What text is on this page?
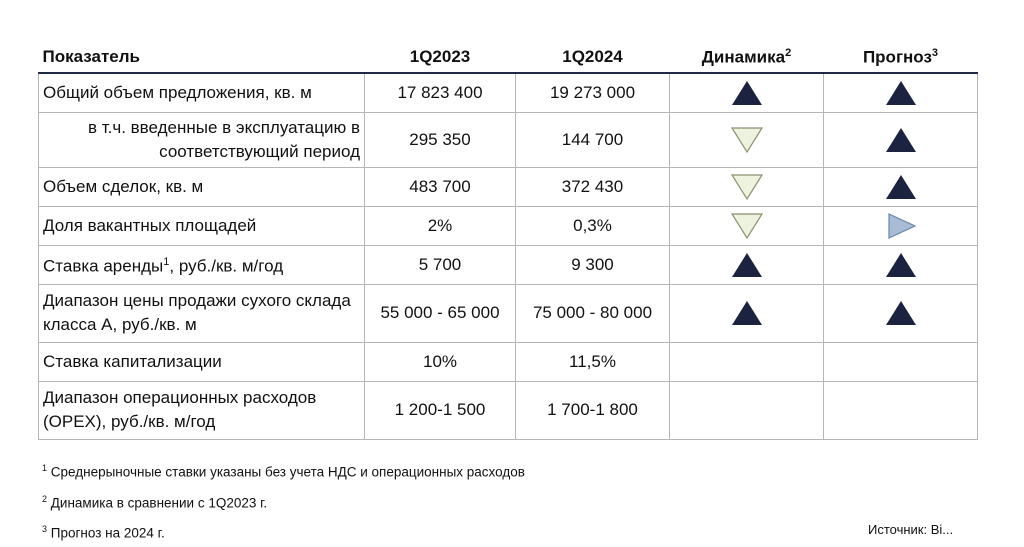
Показатель	1Q2023	1Q2024	Динамика$^2$	Прогноз$^3$
Общий объем предложения, кв. м	17 823 400	19 273 000	

в т.ч. введенные в эксплуатацию в соответствующий период	295 350	144 700	

Объем сделок, кв. м	483 700	372 430	

Доля вакантных площадей	2%	0,3%	

Ставка аренды$^1$, руб./кв. м/год	5 700	9 300	

Диапазон цены продажи сухого склада класса А, руб./кв. м	55 000 - 65 000	75 000 - 80 000	

Ставка капитализации	10%	11,5%		
Диапазон операционных расходов (OPEX), руб./кв. м/год	1 200-1 500	1 700-1 800		
$^1$ Среднерыночные ставки указаны без учета НДС и операционных расходов
$^2$ Динамика в сравнении с 1Q2023 г.
$^3$ Прогноз на 2024 г.	Источник: Bi...
